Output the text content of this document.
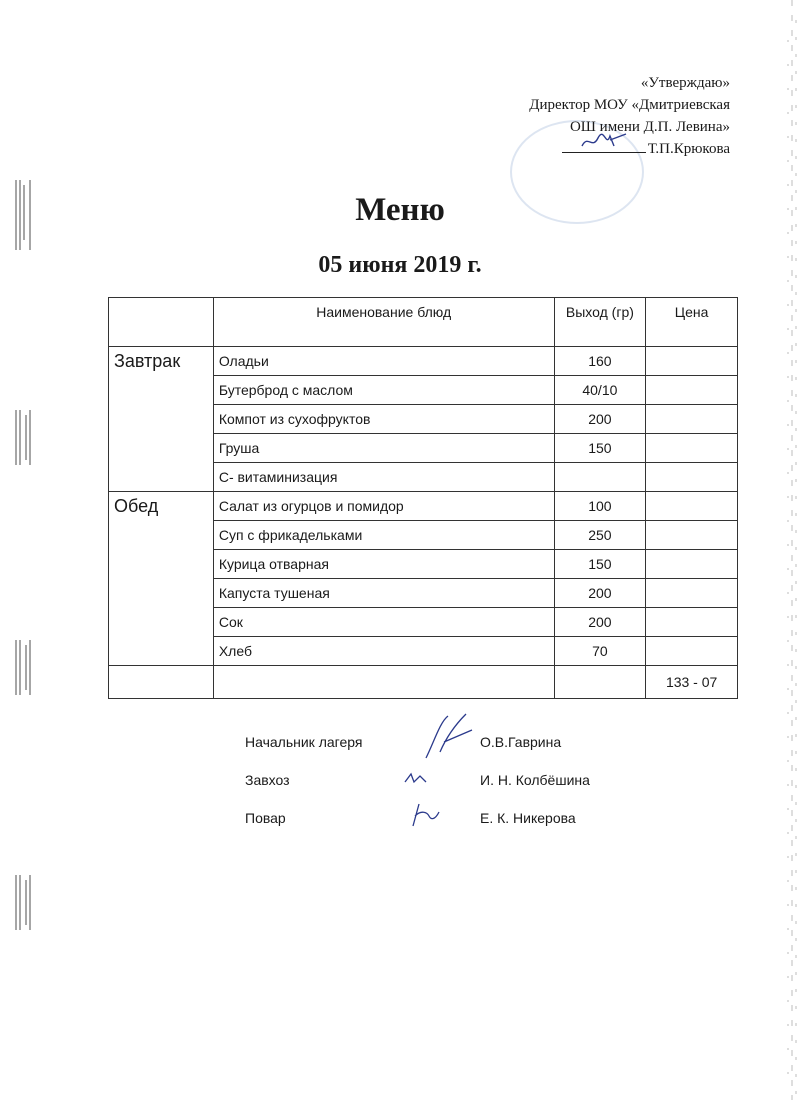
«Утверждаю»
Директор МОУ «Дмитриевская
ОШ имени Д.П. Левина»
Т.П.Крюкова
Меню
05 июня 2019 г.
	Наименование блюд	Выход (гр)	Цена
Завтрак	Оладьи	160	
	Бутерброд с маслом	40/10	
	Компот из сухофруктов	200	
	Груша	150	
	С- витаминизация		
Обед	Салат из огурцов и помидор	100	
	Суп с фрикадельками	250	
	Курица отварная	150	
	Капуста тушеная	200	
	Сок	200	
	Хлеб	70	
			133 - 07
Начальник лагеря	О.В.Гаврина
Завхоз	И. Н. Колбёшина
Повар	Е. К. Никерова
